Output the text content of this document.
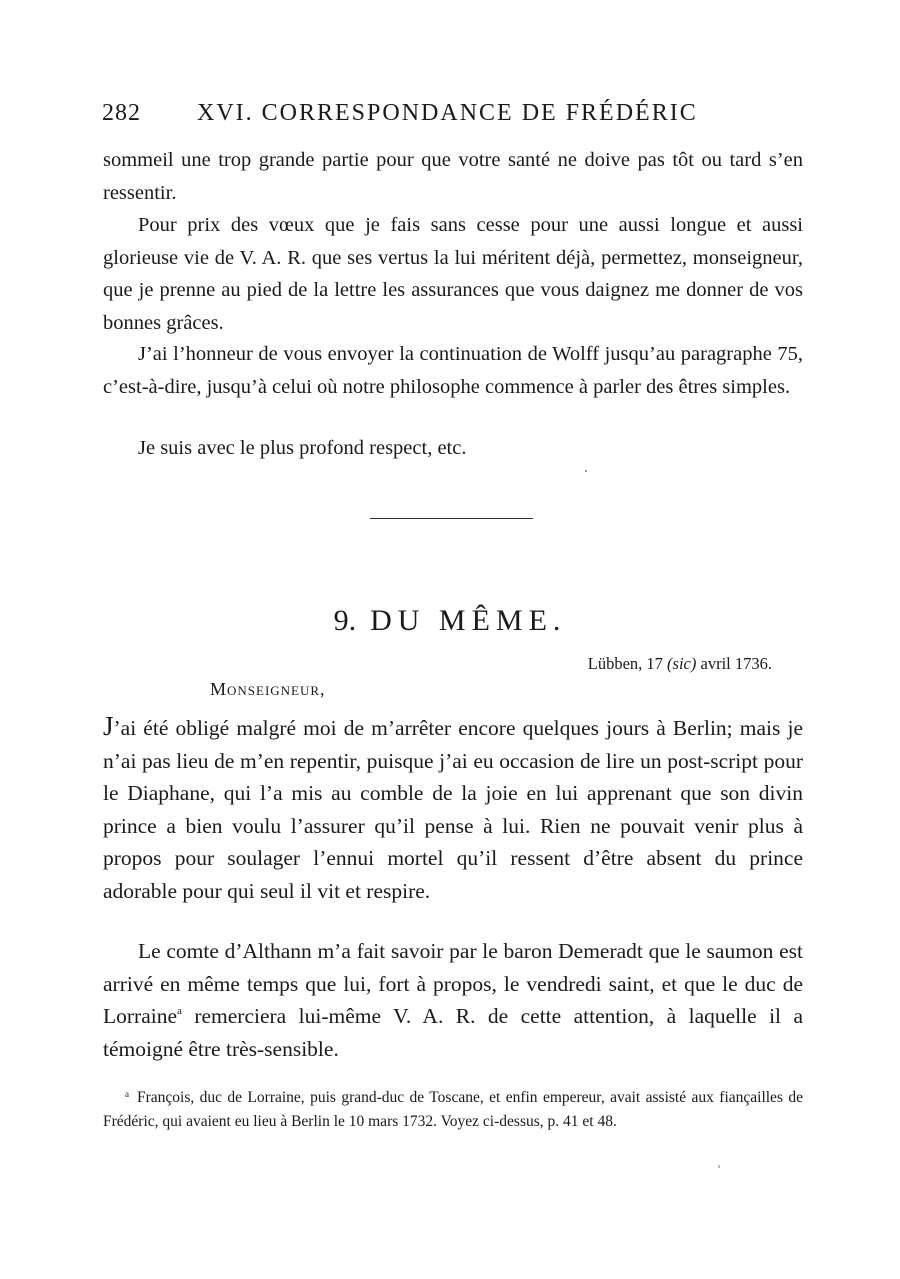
282 XVI. CORRESPONDANCE DE FRÉDÉRIC

sommeil une trop grande partie pour que votre santé ne doive pas tôt ou tard s’en ressentir.

Pour prix des vœux que je fais sans cesse pour une aussi longue et aussi glorieuse vie de V. A. R. que ses vertus la lui méritent déjà, permettez, monseigneur, que je prenne au pied de la lettre les assurances que vous daignez me donner de vos bonnes grâces.

J’ai l’honneur de vous envoyer la continuation de Wolff jusqu’au paragraphe 75, c’est-à-dire, jusqu’à celui où notre philosophe commence à parler des êtres simples.

Je suis avec le plus profond respect, etc.

9. DU MÊME.
Lübben, 17 (sic) avril 1736.
Monseigneur,

J’ai été obligé malgré moi de m’arrêter encore quelques jours à Berlin; mais je n’ai pas lieu de m’en repentir, puisque j’ai eu occasion de lire un post-script pour le Diaphane, qui l’a mis au comble de la joie en lui apprenant que son divin prince a bien voulu l’assurer qu’il pense à lui. Rien ne pouvait venir plus à propos pour soulager l’ennui mortel qu’il ressent d’être absent du prince adorable pour qui seul il vit et respire.

Le comte d’Althann m’a fait savoir par le baron Demeradt que le saumon est arrivé en même temps que lui, fort à propos, le vendredi saint, et que le duc de Lorraine$^a$ remerciera lui-même V. A. R. de cette attention, à laquelle il a témoigné être très-sensible.

$^a$ François, duc de Lorraine, puis grand-duc de Toscane, et enfin empereur, avait assisté aux fiançailles de Frédéric, qui avaient eu lieu à Berlin le 10 mars 1732. Voyez ci-dessus, p. 41 et 48.
